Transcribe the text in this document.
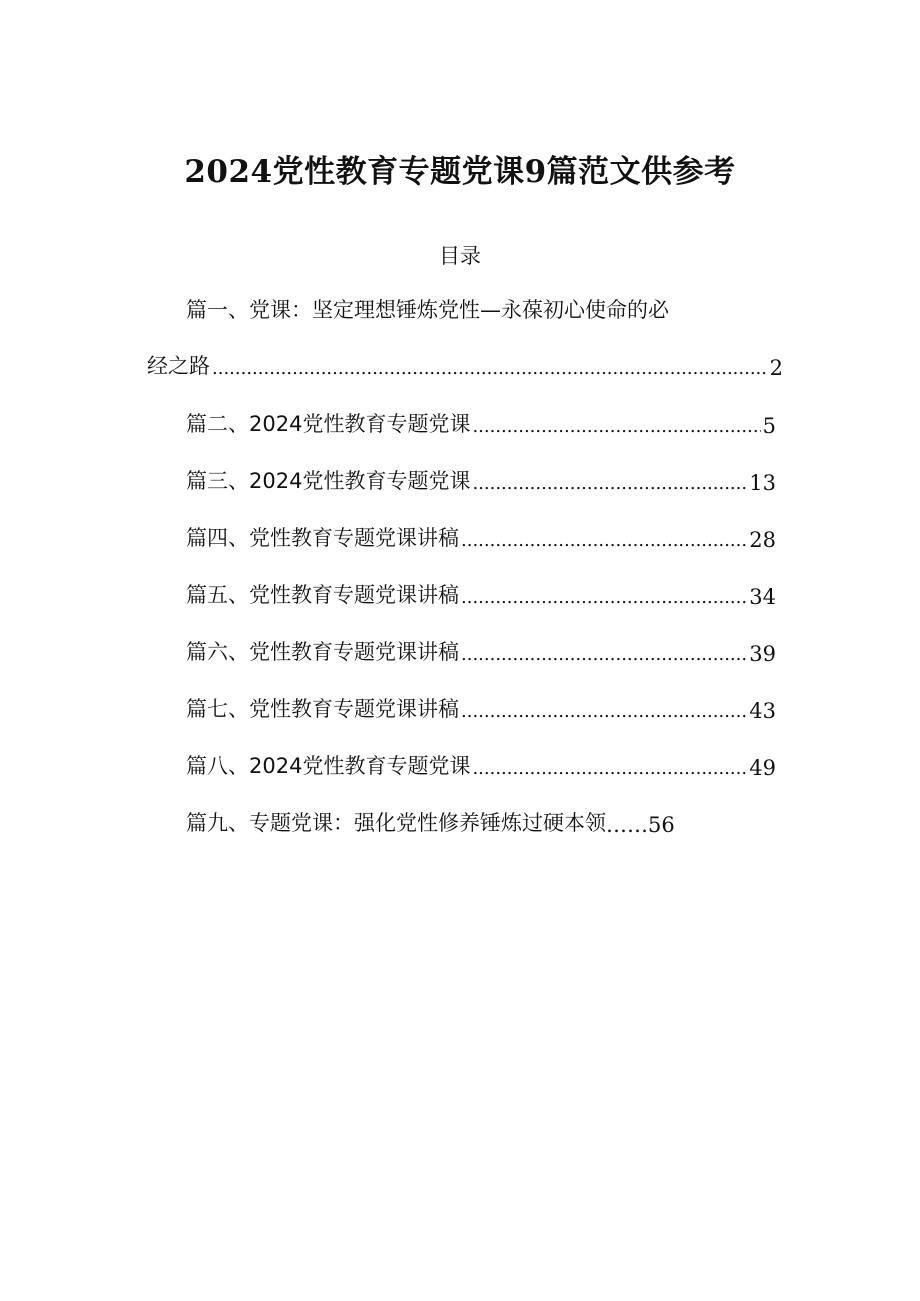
2024党性教育专题党课9篇范文供参考
目录
篇一、党课：坚定理想锤炼党性—永葆初心使命的必
经之路 .....	2
篇二、2024党性教育专题党课 .....	5
篇三、2024党性教育专题党课 .....	13
篇四、党性教育专题党课讲稿 .....	28
篇五、党性教育专题党课讲稿 .....	34
篇六、党性教育专题党课讲稿 .....	39
篇七、党性教育专题党课讲稿 .....	43
篇八、2024党性教育专题党课 .....	49
篇九、专题党课：强化党性修养锤炼过硬本领 …… 56
